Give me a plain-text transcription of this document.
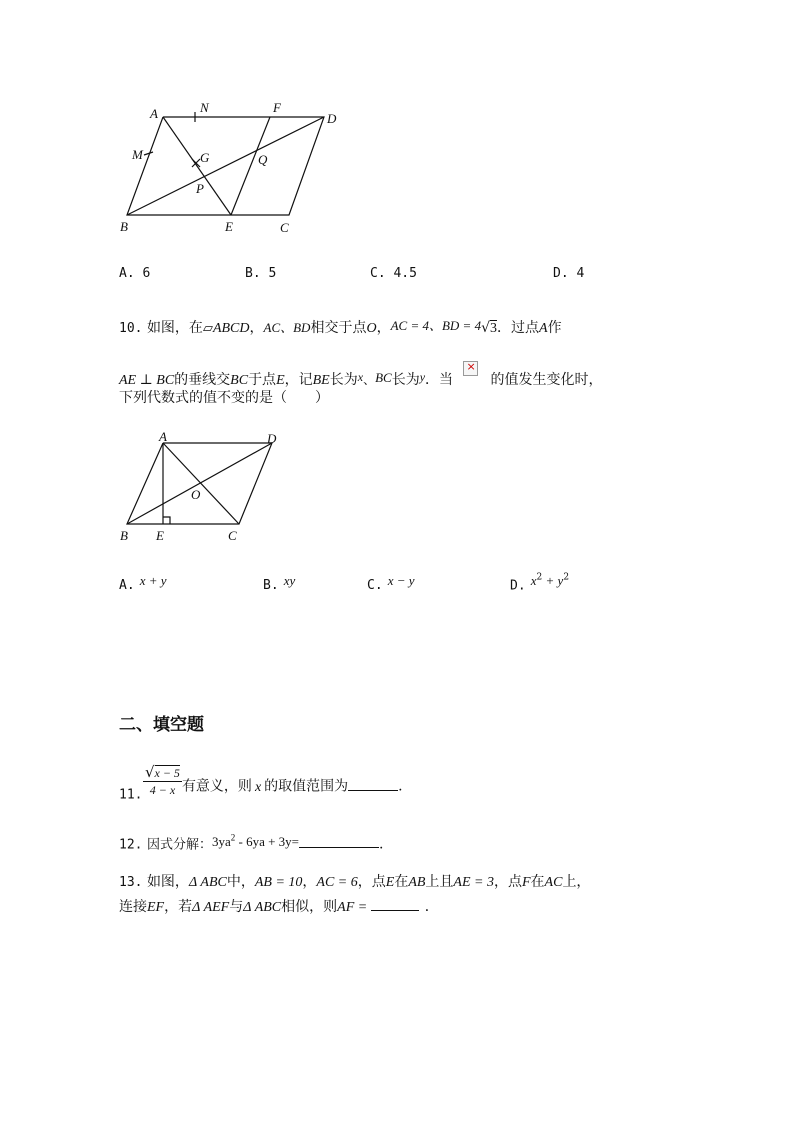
A	N	F
D
M	G	Q
P
B	E	C
A. 6	B. 5	C. 4.5	D. 4
10. 如图，在▱ABCD，AC、BD相交于点O，AC = 4、BD = 4√3．过点A作
AE ⊥ BC的垂线交BC于点E，记BE长为x、BC长为y．当 ×	的值发生变化时，
下列代数式的值不变的是（　　）
A	D
O
B E	C
A. $^{x + y}$	B. $^{xy}$	C. $^{x - y}$	D. $^{x^2 + y^2}$
二、填空题
11. $\frac{√x - 5}{4 - x}$ 有意义，则 x 的取值范围为	.
12. 因式分解：$3ya^2 - 6ya + 3y=$	.
13. 如图，Δ ABC中，AB = 10，AC = 6，点E在AB上且AE = 3，点F在AC上，
连接EF，若Δ AEF与Δ ABC相似，则AF =	．
